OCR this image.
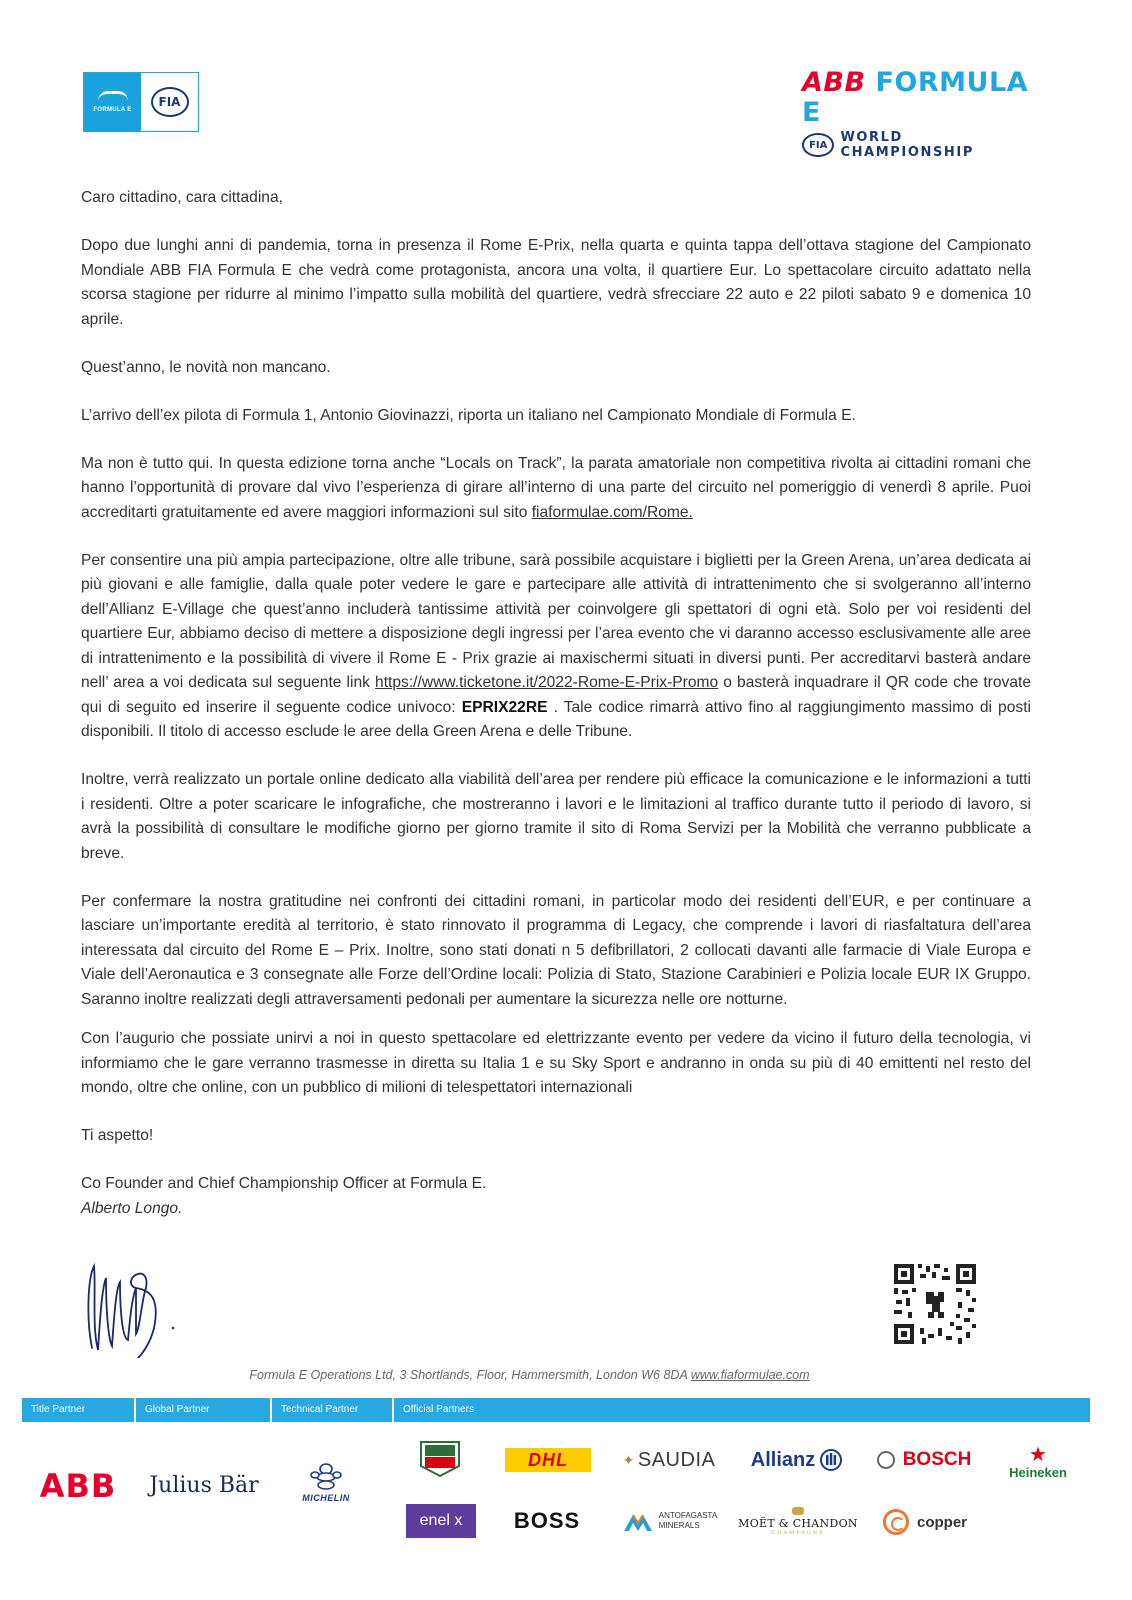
FORMULA E
FIA
ABB FORMULA E
FIA	WORLD CHAMPIONSHIP

Caro cittadino, cara cittadina,

Dopo due lunghi anni di pandemia, torna in presenza il Rome E-Prix, nella quarta e quinta tappa dell’ottava stagione del Campionato Mondiale ABB FIA Formula E che vedrà come protagonista, ancora una volta, il quartiere Eur. Lo spettacolare circuito adattato nella scorsa stagione per ridurre al minimo l’impatto sulla mobilità del quartiere, vedrà sfrecciare 22 auto e 22 piloti sabato 9 e domenica 10 aprile.

Quest’anno, le novità non mancano.

L’arrivo dell’ex pilota di Formula 1, Antonio Giovinazzi, riporta un italiano nel Campionato Mondiale di Formula E.

Ma non è tutto qui. In questa edizione torna anche “Locals on Track”, la parata amatoriale non competitiva rivolta ai cittadini romani che hanno l’opportunità di provare dal vivo l’esperienza di girare all’interno di una parte del circuito nel pomeriggio di venerdì 8 aprile. Puoi accreditarti gratuitamente ed avere maggiori informazioni sul sito fiaformulae.com/Rome.

Per consentire una più ampia partecipazione, oltre alle tribune, sarà possibile acquistare i biglietti per la Green Arena, un’area dedicata ai più giovani e alle famiglie, dalla quale poter vedere le gare e partecipare alle attività di intrattenimento che si svolgeranno all’interno dell’Allianz E-Village che quest’anno includerà tantissime attività per coinvolgere gli spettatori di ogni età. Solo per voi residenti del quartiere Eur, abbiamo deciso di mettere a disposizione degli ingressi per l’area evento che vi daranno accesso esclusivamente alle aree di intrattenimento e la possibilità di vivere il Rome E - Prix grazie ai maxischermi situati in diversi punti. Per accreditarvi basterà andare nell’ area a voi dedicata sul seguente link https://www.ticketone.it/2022-Rome-E-Prix-Promo o basterà inquadrare il QR code che trovate qui di seguito ed inserire il seguente codice univoco: EPRIX22RE . Tale codice rimarrà attivo fino al raggiungimento massimo di posti disponibili. Il titolo di accesso esclude le aree della Green Arena e delle Tribune.

Inoltre, verrà realizzato un portale online dedicato alla viabilità dell’area per rendere più efficace la comunicazione e le informazioni a tutti i residenti. Oltre a poter scaricare le infografiche, che mostreranno i lavori e le limitazioni al traffico durante tutto il periodo di lavoro, si avrà la possibilità di consultare le modifiche giorno per giorno tramite il sito di Roma Servizi per la Mobilità che verranno pubblicate a breve.

Per confermare la nostra gratitudine nei confronti dei cittadini romani, in particolar modo dei residenti dell’EUR, e per continuare a lasciare un’importante eredità al territorio, è stato rinnovato il programma di Legacy, che comprende i lavori di riasfaltatura dell’area interessata dal circuito del Rome E – Prix. Inoltre, sono stati donati n 5 defibrillatori, 2 collocati davanti alle farmacie di Viale Europa e Viale dell’Aeronautica e 3 consegnate alle Forze dell’Ordine locali: Polizia di Stato, Stazione Carabinieri e Polizia locale EUR IX Gruppo. Saranno inoltre realizzati degli attraversamenti pedonali per aumentare la sicurezza nelle ore notturne.

Con l’augurio che possiate unirvi a noi in questo spettacolare ed elettrizzante evento per vedere da vicino il futuro della tecnologia, vi informiamo che le gare verranno trasmesse in diretta su Italia 1 e su Sky Sport e andranno in onda su più di 40 emittenti nel resto del mondo, oltre che online, con un pubblico di milioni di telespettatori internazionali

Ti aspetto!

Co Founder and Chief Championship Officer at Formula E.

Alberto Longo.

Formula E Operations Ltd, 3 Shortlands, Floor, Hammersmith, London W6 8DA www.fiaformulae.com
Title Partner	Global Partner	Technical Partner	Official Partners
ABB Julius Bär
MICHELIN
DHL	✦ SAUDIA Allianz	BOSCH	★
Heineken
enel x	BOSS	ANTOFAGASTA
MINERALS	MOËT & CHANDON
CHAMPAGNE
copper
